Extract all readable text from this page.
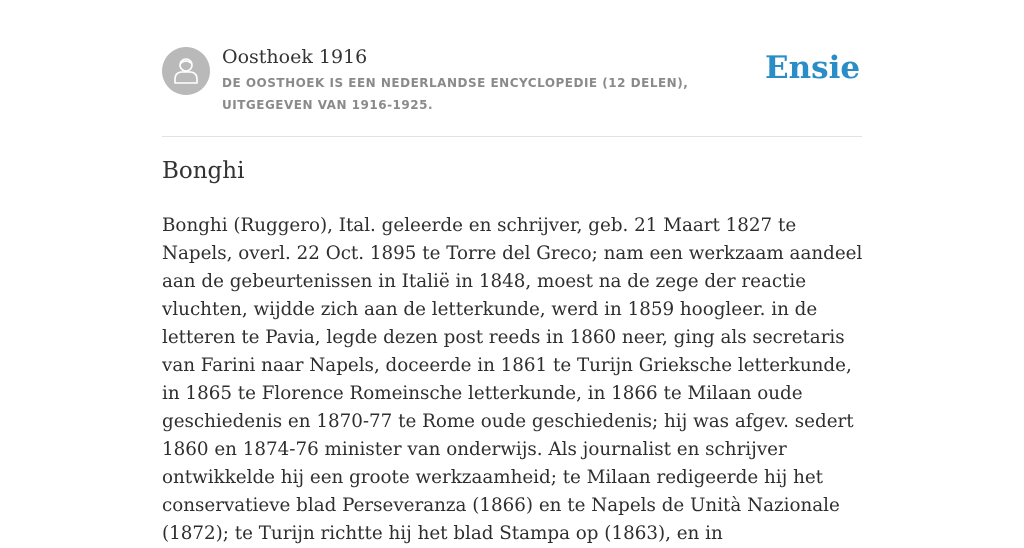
Oosthoek 1916

DE OOSTHOEK IS EEN NEDERLANDSE ENCYCLOPEDIE (12 DELEN), UITGEGEVEN VAN 1916-1925.

Ensie
Bonghi

Bonghi (Ruggero), Ital. geleerde en schrijver, geb. 21 Maart 1827 te Napels, overl. 22 Oct. 1895 te Torre del Greco; nam een werkzaam aandeel aan de gebeurtenissen in Italië in 1848, moest na de zege der reactie vluchten, wijdde zich aan de letterkunde, werd in 1859 hoogleer. in de letteren te Pavia, legde dezen post reeds in 1860 neer, ging als secretaris van Farini naar Napels, doceerde in 1861 te Turijn Grieksche letterkunde, in 1865 te Florence Romeinsche letterkunde, in 1866 te Milaan oude geschiedenis en 1870-77 te Rome oude geschiedenis; hij was afgev. sedert 1860 en 1874-76 minister van onderwijs. Als journalist en schrijver ontwikkelde hij een groote werkzaamheid; te Milaan redigeerde hij het conservatieve blad Perseveranza (1866) en te Napels de Unità Nazionale (1872); te Turijn richtte hij het blad Stampa op (1863), en in
